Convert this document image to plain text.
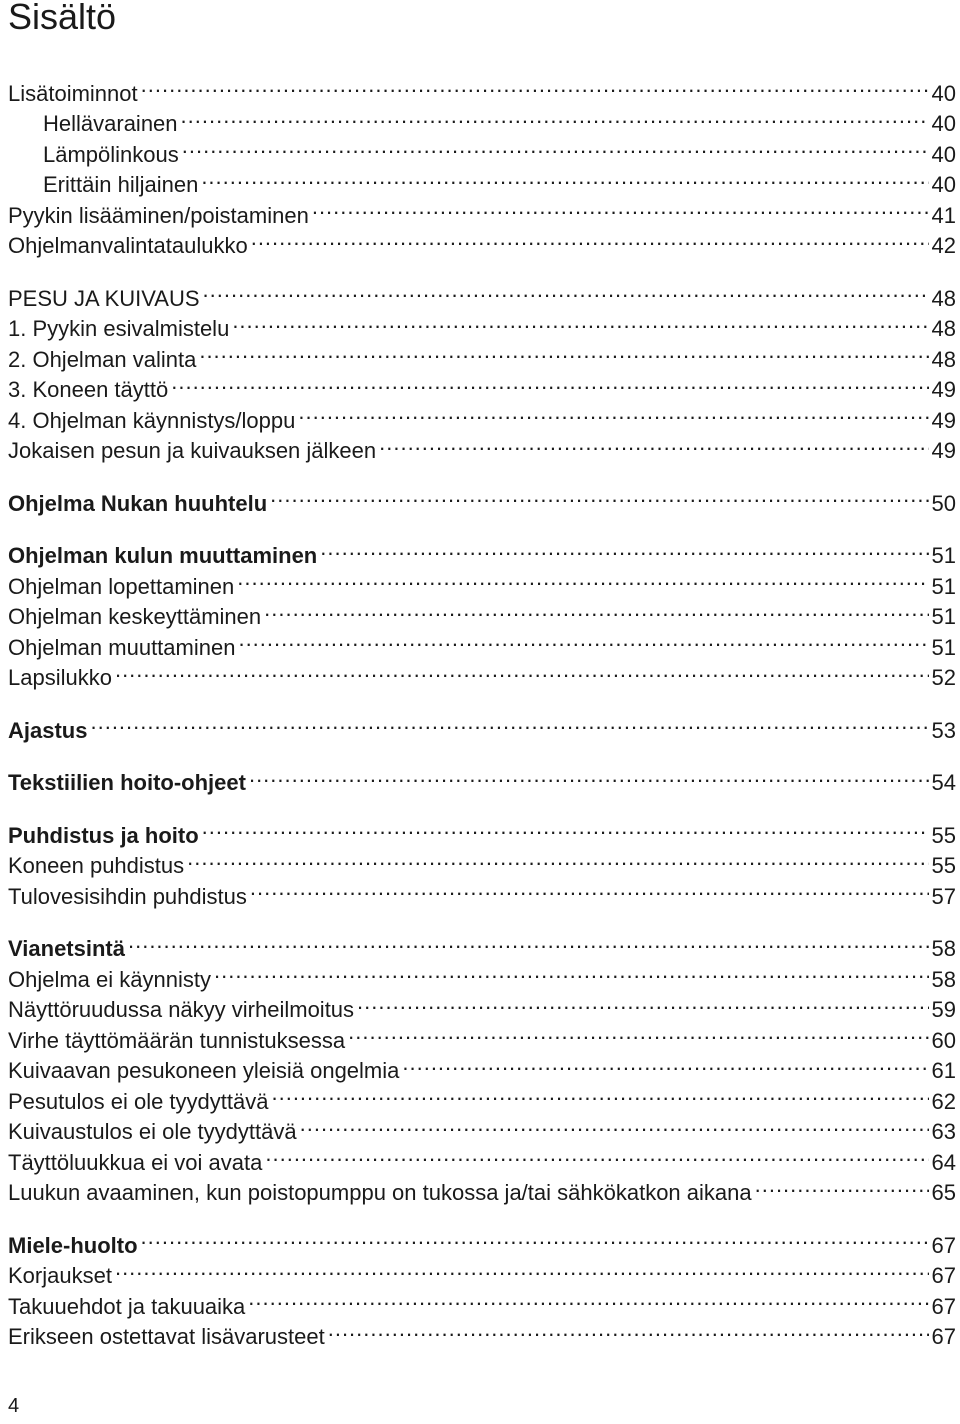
Sisältö
Lisätoiminnot .....	40
Hellävarainen .....	40
Lämpölinkous .....	40
Erittäin hiljainen .....	40
Pyykin lisääminen/poistaminen .....	41
Ohjelmanvalintataulukko .....	42
PESU JA KUIVAUS .....	48
1. Pyykin esivalmistelu .....	48
2. Ohjelman valinta .....	48
3. Koneen täyttö .....	49
4. Ohjelman käynnistys/loppu .....	49
Jokaisen pesun ja kuivauksen jälkeen .....	49
Ohjelma Nukan huuhtelu .....	50
Ohjelman kulun muuttaminen .....	51
Ohjelman lopettaminen .....	51
Ohjelman keskeyttäminen .....	51
Ohjelman muuttaminen .....	51
Lapsilukko .....	52
Ajastus .....	53
Tekstiilien hoito-ohjeet .....	54
Puhdistus ja hoito .....	55
Koneen puhdistus .....	55
Tulovesisihdin puhdistus .....	57
Vianetsintä .....	58
Ohjelma ei käynnisty .....	58
Näyttöruudussa näkyy virheilmoitus .....	59
Virhe täyttömäärän tunnistuksessa .....	60
Kuivaavan pesukoneen yleisiä ongelmia .....	61
Pesutulos ei ole tyydyttävä .....	62
Kuivaustulos ei ole tyydyttävä .....	63
Täyttöluukkua ei voi avata .....	64
Luukun avaaminen, kun poistopumppu on tukossa ja/tai sähkökatkon aikana .....	65
Miele-huolto .....	67
Korjaukset .....	67
Takuuehdot ja takuuaika .....	67
Erikseen ostettavat lisävarusteet .....	67
4
